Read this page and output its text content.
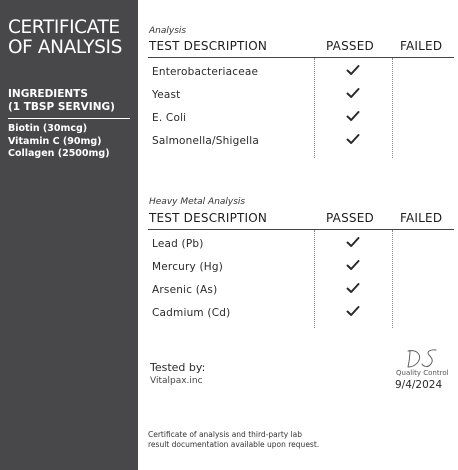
CERTIFICATE
OF ANALYSIS
INGREDIENTS
(1 TBSP SERVING)
Biotin (30mcg)
Vitamin C (90mg)
Collagen (2500mg)
Analysis
TEST DESCRIPTION	PASSED FAILED
Enterobacteriaceae
Yeast
E. Coli
Salmonella/Shigella
Heavy Metal Analysis
TEST DESCRIPTION	PASSED FAILED
Lead (Pb)
Mercury (Hg)
Arsenic (As)
Cadmium (Cd)
Tested by:
Vitalpax.inc
Quality Control
9/4/2024
Certificate of analysis and third-party lab
result documentation available upon request.
